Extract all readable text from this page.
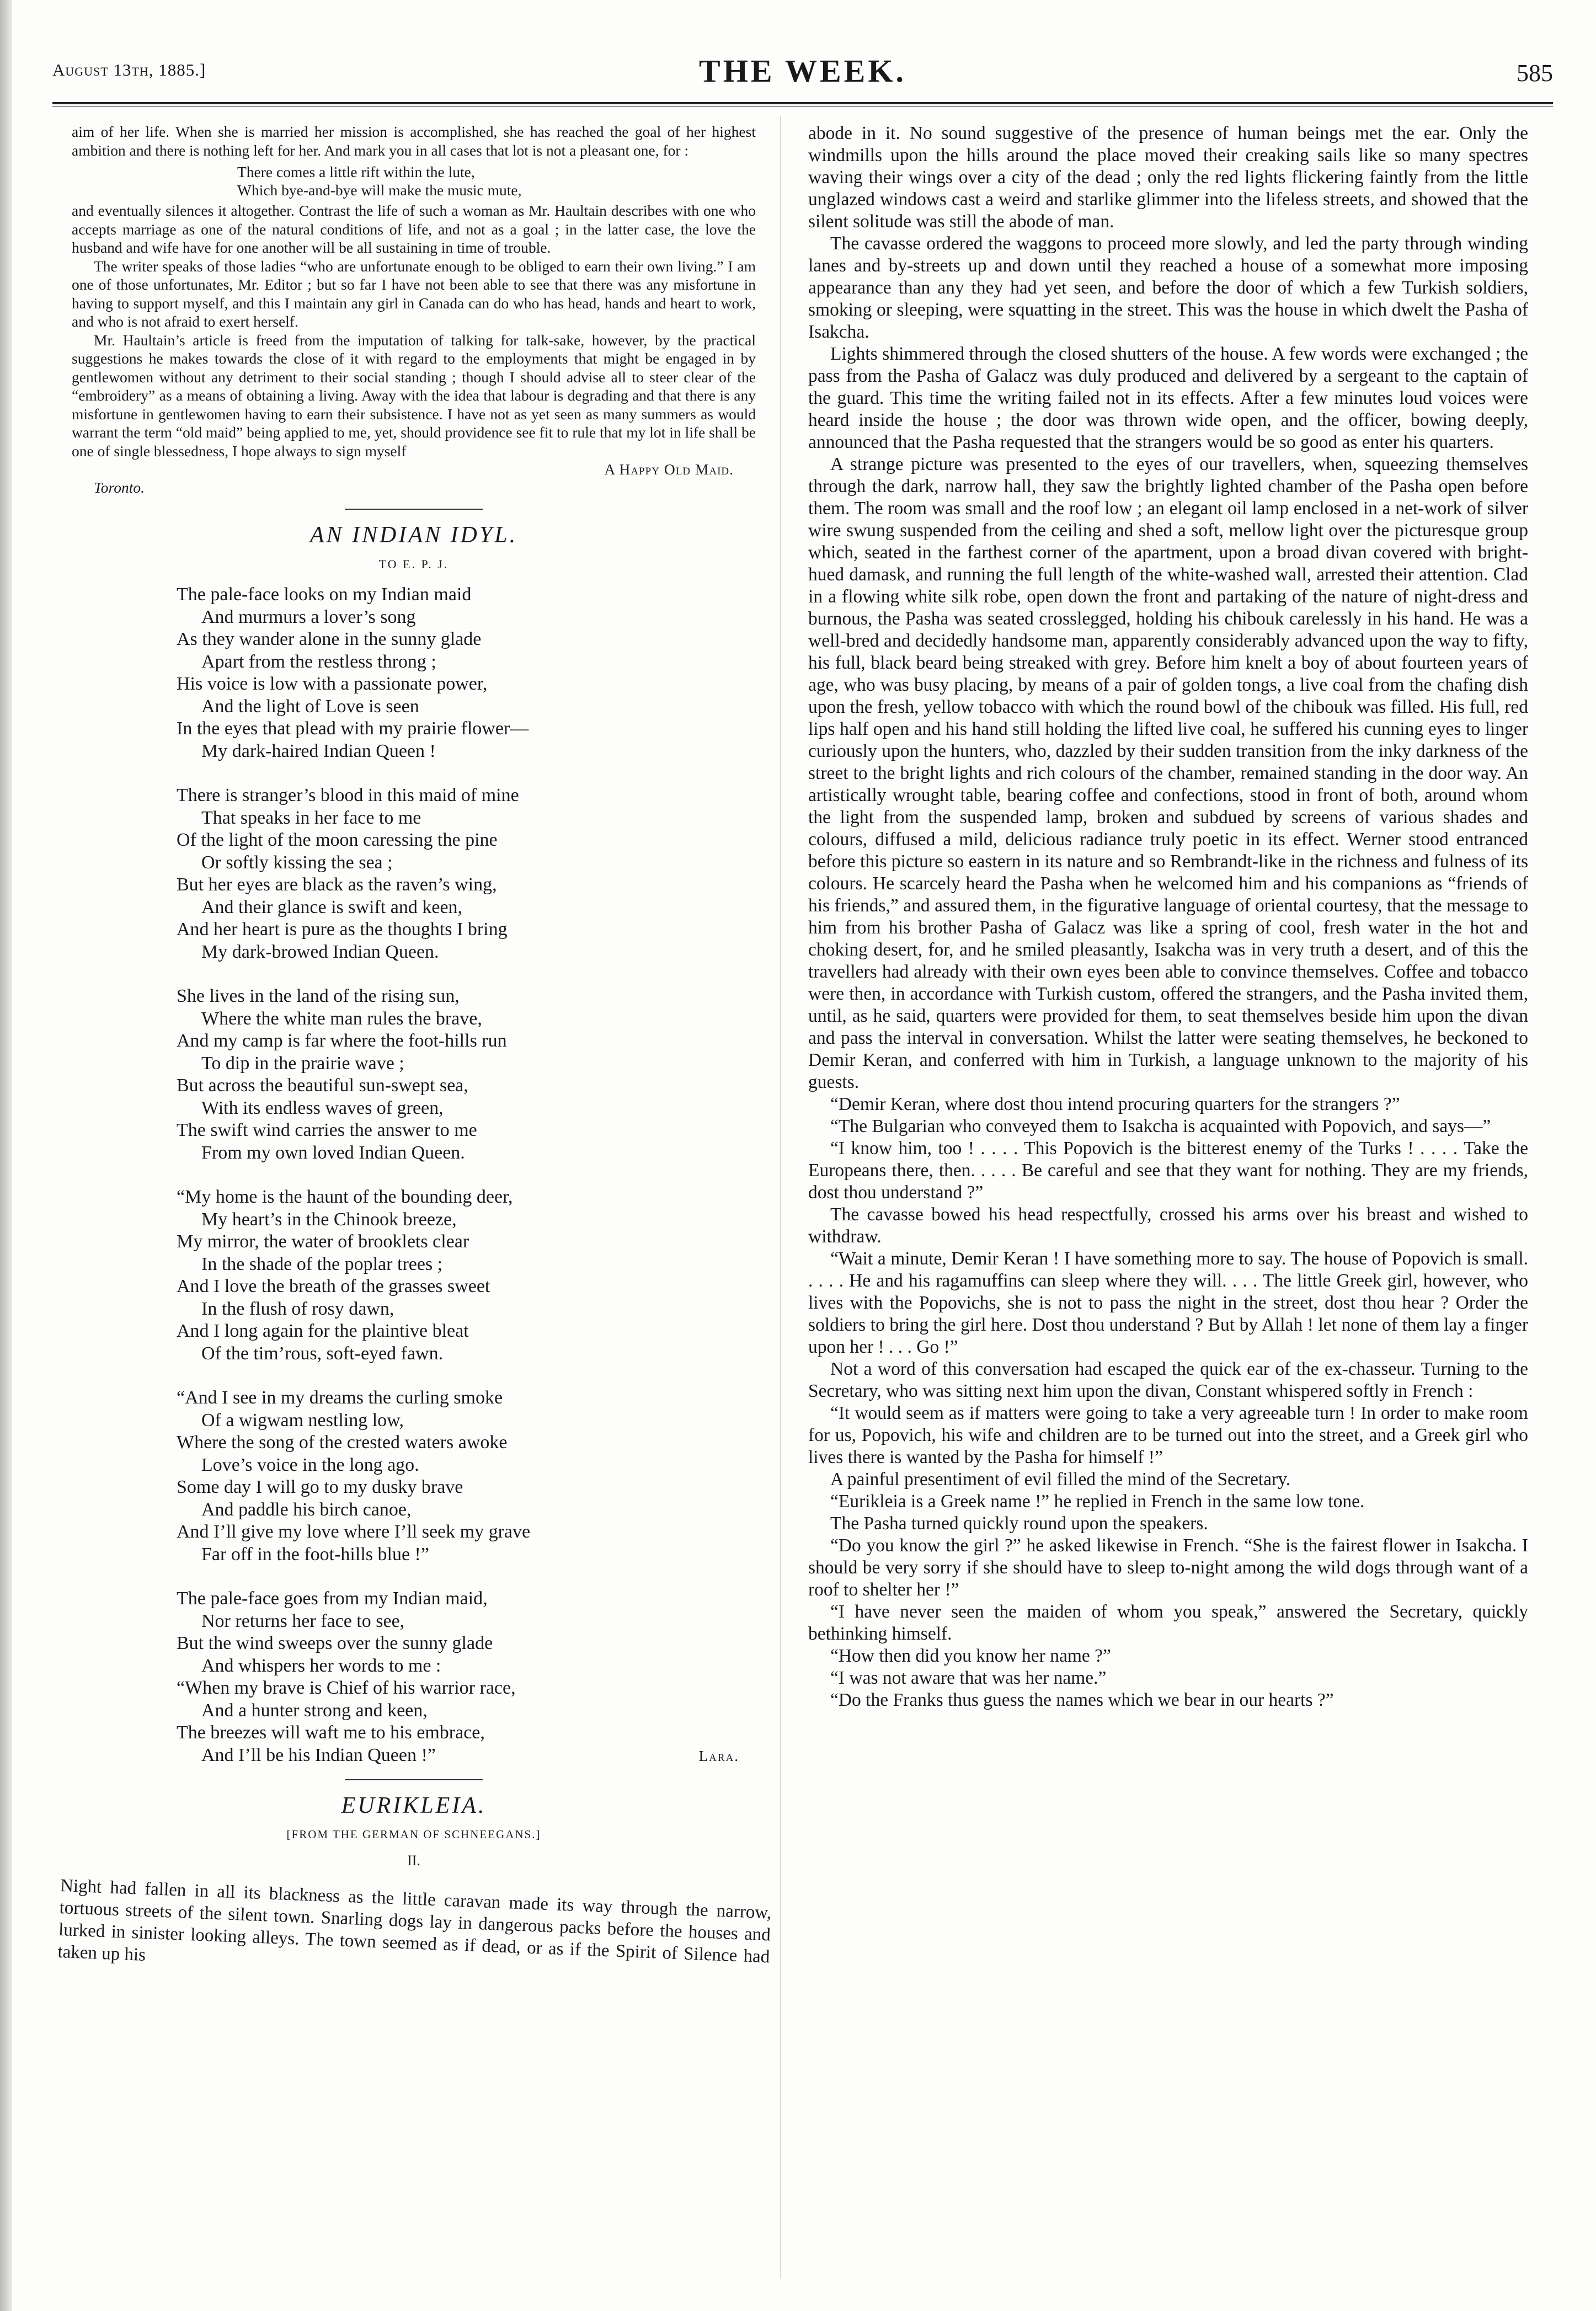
August 13th, 1885.]	THE WEEK.	585

aim of her life. When she is married her mission is accomplished, she has reached the goal of her highest ambition and there is nothing left for her. And mark you in all cases that lot is not a pleasant one, for :

There comes a little rift within the lute,
Which bye-and-bye will make the music mute,

and eventually silences it altogether. Contrast the life of such a woman as Mr. Haultain describes with one who accepts marriage as one of the natural conditions of life, and not as a goal ; in the latter case, the love the husband and wife have for one another will be all sustaining in time of trouble.

The writer speaks of those ladies “who are unfortunate enough to be obliged to earn their own living.” I am one of those unfortunates, Mr. Editor ; but so far I have not been able to see that there was any misfortune in having to support myself, and this I maintain any girl in Canada can do who has head, hands and heart to work, and who is not afraid to exert herself.

Mr. Haultain’s article is freed from the imputation of talking for talk-sake, however, by the practical suggestions he makes towards the close of it with regard to the employments that might be engaged in by gentlewomen without any detriment to their social standing ; though I should advise all to steer clear of the “embroidery” as a means of obtaining a living. Away with the idea that labour is degrading and that there is any misfortune in gentlewomen having to earn their subsistence. I have not as yet seen as many summers as would warrant the term “old maid” being applied to me, yet, should providence see fit to rule that my lot in life shall be one of single blessedness, I hope always to sign myself

A Happy Old Maid.
Toronto.
AN INDIAN IDYL.
TO E. P. J.
The pale-face looks on my Indian maid
And murmurs a lover’s song
As they wander alone in the sunny glade
Apart from the restless throng ;
His voice is low with a passionate power,
And the light of Love is seen
In the eyes that plead with my prairie flower—
My dark-haired Indian Queen !
There is stranger’s blood in this maid of mine
That speaks in her face to me
Of the light of the moon caressing the pine
Or softly kissing the sea ;
But her eyes are black as the raven’s wing,
And their glance is swift and keen,
And her heart is pure as the thoughts I bring
My dark-browed Indian Queen.
She lives in the land of the rising sun,
Where the white man rules the brave,
And my camp is far where the foot-hills run
To dip in the prairie wave ;
But across the beautiful sun-swept sea,
With its endless waves of green,
The swift wind carries the answer to me
From my own loved Indian Queen.
“My home is the haunt of the bounding deer,
My heart’s in the Chinook breeze,
My mirror, the water of brooklets clear
In the shade of the poplar trees ;
And I love the breath of the grasses sweet
In the flush of rosy dawn,
And I long again for the plaintive bleat
Of the tim’rous, soft-eyed fawn.
“And I see in my dreams the curling smoke
Of a wigwam nestling low,
Where the song of the crested waters awoke
Love’s voice in the long ago.
Some day I will go to my dusky brave
And paddle his birch canoe,
And I’ll give my love where I’ll seek my grave
Far off in the foot-hills blue !”
The pale-face goes from my Indian maid,
Nor returns her face to see,
But the wind sweeps over the sunny glade
And whispers her words to me :
“When my brave is Chief of his warrior race,
And a hunter strong and keen,
The breezes will waft me to his embrace,
And I’ll be his Indian Queen !”	Lara.
EURIKLEIA.
[FROM THE GERMAN OF SCHNEEGANS.]
II.

Night had fallen in all its blackness as the little caravan made its way through the narrow, tortuous streets of the silent town. Snarling dogs lay in dangerous packs before the houses and lurked in sinister looking alleys. The town seemed as if dead, or as if the Spirit of Silence had taken up his

abode in it. No sound suggestive of the presence of human beings met the ear. Only the windmills upon the hills around the place moved their creaking sails like so many spectres waving their wings over a city of the dead ; only the red lights flickering faintly from the little unglazed windows cast a weird and starlike glimmer into the lifeless streets, and showed that the silent solitude was still the abode of man.

The cavasse ordered the waggons to proceed more slowly, and led the party through winding lanes and by-streets up and down until they reached a house of a somewhat more imposing appearance than any they had yet seen, and before the door of which a few Turkish soldiers, smoking or sleeping, were squatting in the street. This was the house in which dwelt the Pasha of Isakcha.

Lights shimmered through the closed shutters of the house. A few words were exchanged ; the pass from the Pasha of Galacz was duly produced and delivered by a sergeant to the captain of the guard. This time the writing failed not in its effects. After a few minutes loud voices were heard inside the house ; the door was thrown wide open, and the officer, bowing deeply, announced that the Pasha requested that the strangers would be so good as enter his quarters.

A strange picture was presented to the eyes of our travellers, when, squeezing themselves through the dark, narrow hall, they saw the brightly lighted chamber of the Pasha open before them. The room was small and the roof low ; an elegant oil lamp enclosed in a net-work of silver wire swung suspended from the ceiling and shed a soft, mellow light over the picturesque group which, seated in the farthest corner of the apartment, upon a broad divan covered with bright-hued damask, and running the full length of the white-washed wall, arrested their attention. Clad in a flowing white silk robe, open down the front and partaking of the nature of night-dress and burnous, the Pasha was seated crosslegged, holding his chibouk carelessly in his hand. He was a well-bred and decidedly handsome man, apparently considerably advanced upon the way to fifty, his full, black beard being streaked with grey. Before him knelt a boy of about fourteen years of age, who was busy placing, by means of a pair of golden tongs, a live coal from the chafing dish upon the fresh, yellow tobacco with which the round bowl of the chibouk was filled. His full, red lips half open and his hand still holding the lifted live coal, he suffered his cunning eyes to linger curiously upon the hunters, who, dazzled by their sudden transition from the inky darkness of the street to the bright lights and rich colours of the chamber, remained standing in the door way. An artistically wrought table, bearing coffee and confections, stood in front of both, around whom the light from the suspended lamp, broken and subdued by screens of various shades and colours, diffused a mild, delicious radiance truly poetic in its effect. Werner stood entranced before this picture so eastern in its nature and so Rembrandt-like in the richness and fulness of its colours. He scarcely heard the Pasha when he welcomed him and his companions as “friends of his friends,” and assured them, in the figurative language of oriental courtesy, that the message to him from his brother Pasha of Galacz was like a spring of cool, fresh water in the hot and choking desert, for, and he smiled pleasantly, Isakcha was in very truth a desert, and of this the travellers had already with their own eyes been able to convince themselves. Coffee and tobacco were then, in accordance with Turkish custom, offered the strangers, and the Pasha invited them, until, as he said, quarters were provided for them, to seat themselves beside him upon the divan and pass the interval in conversation. Whilst the latter were seating themselves, he beckoned to Demir Keran, and conferred with him in Turkish, a language unknown to the majority of his guests.

“Demir Keran, where dost thou intend procuring quarters for the strangers ?”

“The Bulgarian who conveyed them to Isakcha is acquainted with Popovich, and says—”

“I know him, too ! . . . . This Popovich is the bitterest enemy of the Turks ! . . . . Take the Europeans there, then. . . . . Be careful and see that they want for nothing. They are my friends, dost thou understand ?”

The cavasse bowed his head respectfully, crossed his arms over his breast and wished to withdraw.

“Wait a minute, Demir Keran ! I have something more to say. The house of Popovich is small. . . . . He and his ragamuffins can sleep where they will. . . . The little Greek girl, however, who lives with the Popovichs, she is not to pass the night in the street, dost thou hear ? Order the soldiers to bring the girl here. Dost thou understand ? But by Allah ! let none of them lay a finger upon her ! . . . Go !”

Not a word of this conversation had escaped the quick ear of the ex-chasseur. Turning to the Secretary, who was sitting next him upon the divan, Constant whispered softly in French :

“It would seem as if matters were going to take a very agreeable turn ! In order to make room for us, Popovich, his wife and children are to be turned out into the street, and a Greek girl who lives there is wanted by the Pasha for himself !”

A painful presentiment of evil filled the mind of the Secretary.

“Eurikleia is a Greek name !” he replied in French in the same low tone.

The Pasha turned quickly round upon the speakers.

“Do you know the girl ?” he asked likewise in French. “She is the fairest flower in Isakcha. I should be very sorry if she should have to sleep to-night among the wild dogs through want of a roof to shelter her !”

“I have never seen the maiden of whom you speak,” answered the Secretary, quickly bethinking himself.

“How then did you know her name ?”

“I was not aware that was her name.”

“Do the Franks thus guess the names which we bear in our hearts ?”
